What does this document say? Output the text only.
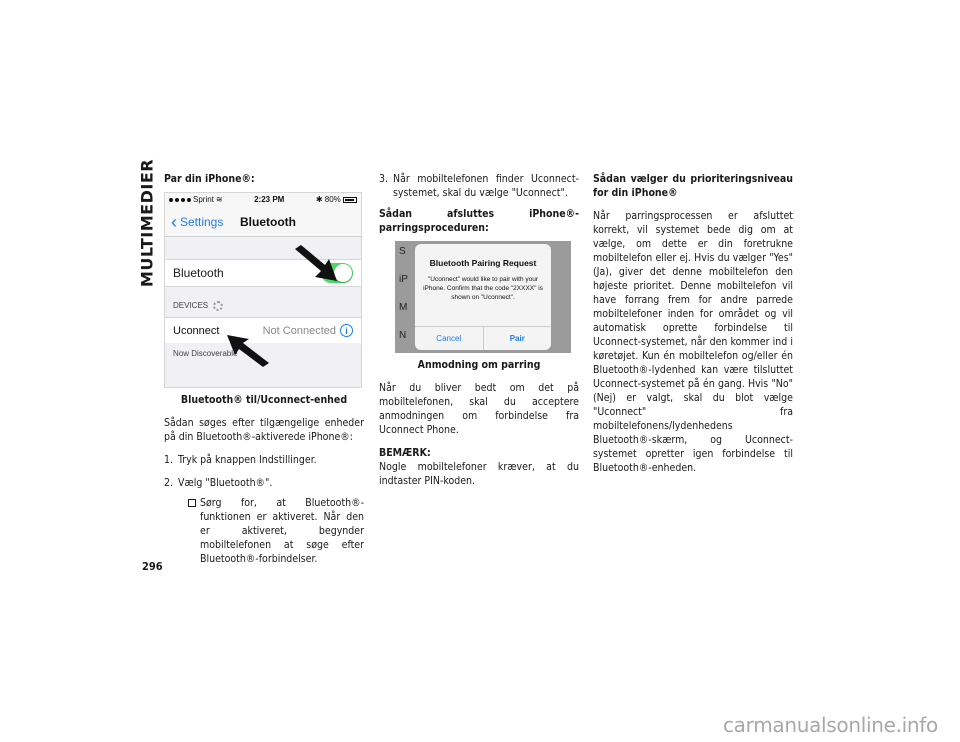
MULTIMEDIER
296

Par din iPhone®:

Sprint ≋	2:23 PM	✱ 80%
‹ Settings Bluetooth
Bluetooth
DEVICES
Uconnect	Not Connected	i
Now Discoverable

Bluetooth® til/Uconnect-enhed

Sådan søges efter tilgængelige enheder på din Bluetooth®-aktiverede iPhone®:

1. Tryk på knappen Indstillinger.
2. Vælg "Bluetooth®".
Sørg for, at Bluetooth®-funktionen er aktiveret. Når den er aktiveret, begynder mobiltelefonen at søge efter Bluetooth®-forbindelser.
3. Når mobiltelefonen finder Uconnect-systemet, skal du vælge "Uconnect".

Sådan afsluttes iPhone®-parringsproceduren:

S
iP
M
N
Bluetooth Pairing Request
"Uconnect" would like to pair with your iPhone. Confirm that the code "2XXXX" is shown on "Uconnect".
Cancel	Pair

Anmodning om parring

Når du bliver bedt om det på mobiltelefonen, skal du acceptere anmodningen om forbindelse fra Uconnect Phone.

BEMÆRK:

Nogle mobiltelefoner kræver, at du indtaster PIN-koden.

Sådan vælger du prioriteringsniveau for din iPhone®

Når parringsprocessen er afsluttet korrekt, vil systemet bede dig om at vælge, om dette er din foretrukne mobiltelefon eller ej. Hvis du vælger "Yes" (Ja), giver det denne mobiltelefon den højeste prioritet. Denne mobiltelefon vil have forrang frem for andre parrede mobiltelefoner inden for området og vil automatisk oprette forbindelse til Uconnect-systemet, når den kommer ind i køretøjet. Kun én mobiltelefon og/eller én Bluetooth®-lydenhed kan være tilsluttet Uconnect-systemet på én gang. Hvis "No" (Nej) er valgt, skal du blot vælge "Uconnect" fra mobiltelefonens/lydenhedens Bluetooth®-skærm, og Uconnect-systemet opretter igen forbindelse til Bluetooth®-enheden.

carmanualsonline.info
